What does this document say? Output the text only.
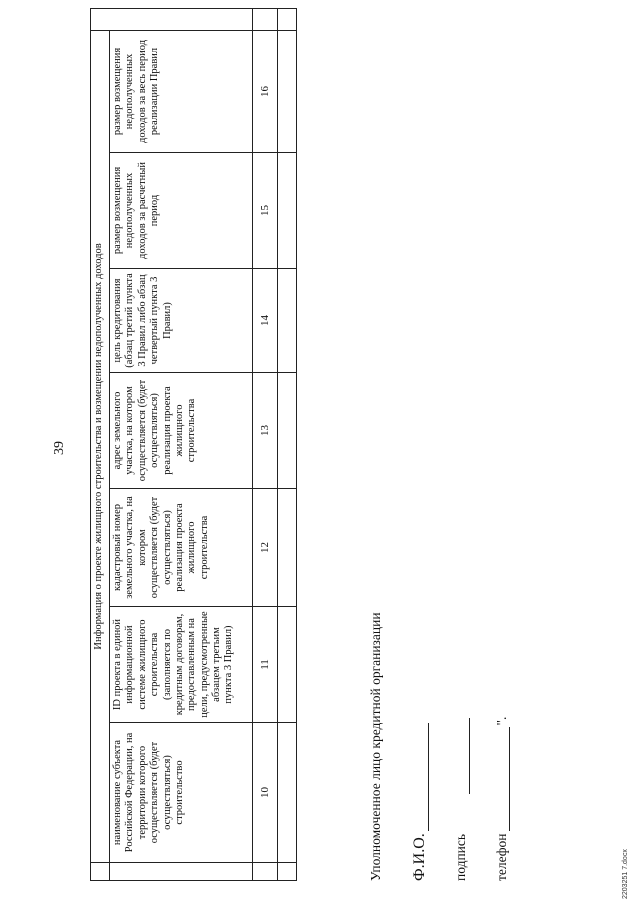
39
	Информация о проекте жилищного строительства и возмещении недополученных доходов							
	наименование субъекта Российской Федерации, на территории которого осуществляется (будет осуществляться) строительство	ID проекта в единой информационной системе жилищного строительства (заполняется по кредитным договорам, предоставленным на цели, предусмотренные абзацем третьим пункта 3 Правил)	кадастровый номер земельного участка, на котором осуществляется (будет осуществляться) реализация проекта жилищного строительства	адрес земельного участка, на котором осуществляется (будет осуществляться) реализация проекта жилищного строительства	цель кредитования (абзац третий пункта 3 Правил либо абзац четвертый пункта 3 Правил)	размер возмещения недополученных доходов за расчетный период	размер возмещения недополученных доходов за весь период реализации Правил	
	10	11	12	13	14	15	16	

Уполномоченное лицо кредитной организации Ф.И.О. подпись телефон
".
2203251 7.docx
